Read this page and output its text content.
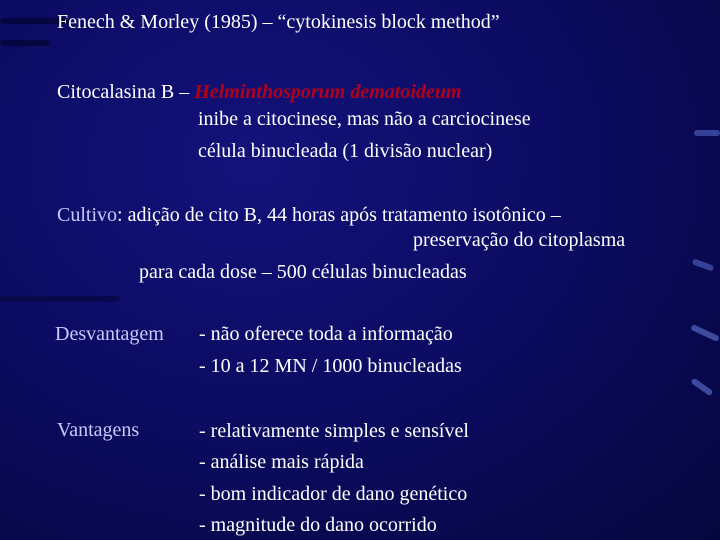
Fenech & Morley (1985) – “cytokinesis block method”

Citocalasina B – Helminthosporum dematoideum

inibe a citocinese, mas não a carciocinese

célula binucleada (1 divisão nuclear)

Cultivo: adição de cito B, 44 horas após tratamento isotônico –

preservação do citoplasma

para cada dose – 500 células binucleadas

Desvantagem - não oferece toda a informação

- 10 a 12 MN / 1000 binucleadas

Vantagens	- relativamente simples e sensível

- análise mais rápida

- bom indicador de dano genético

- magnitude do dano ocorrido
